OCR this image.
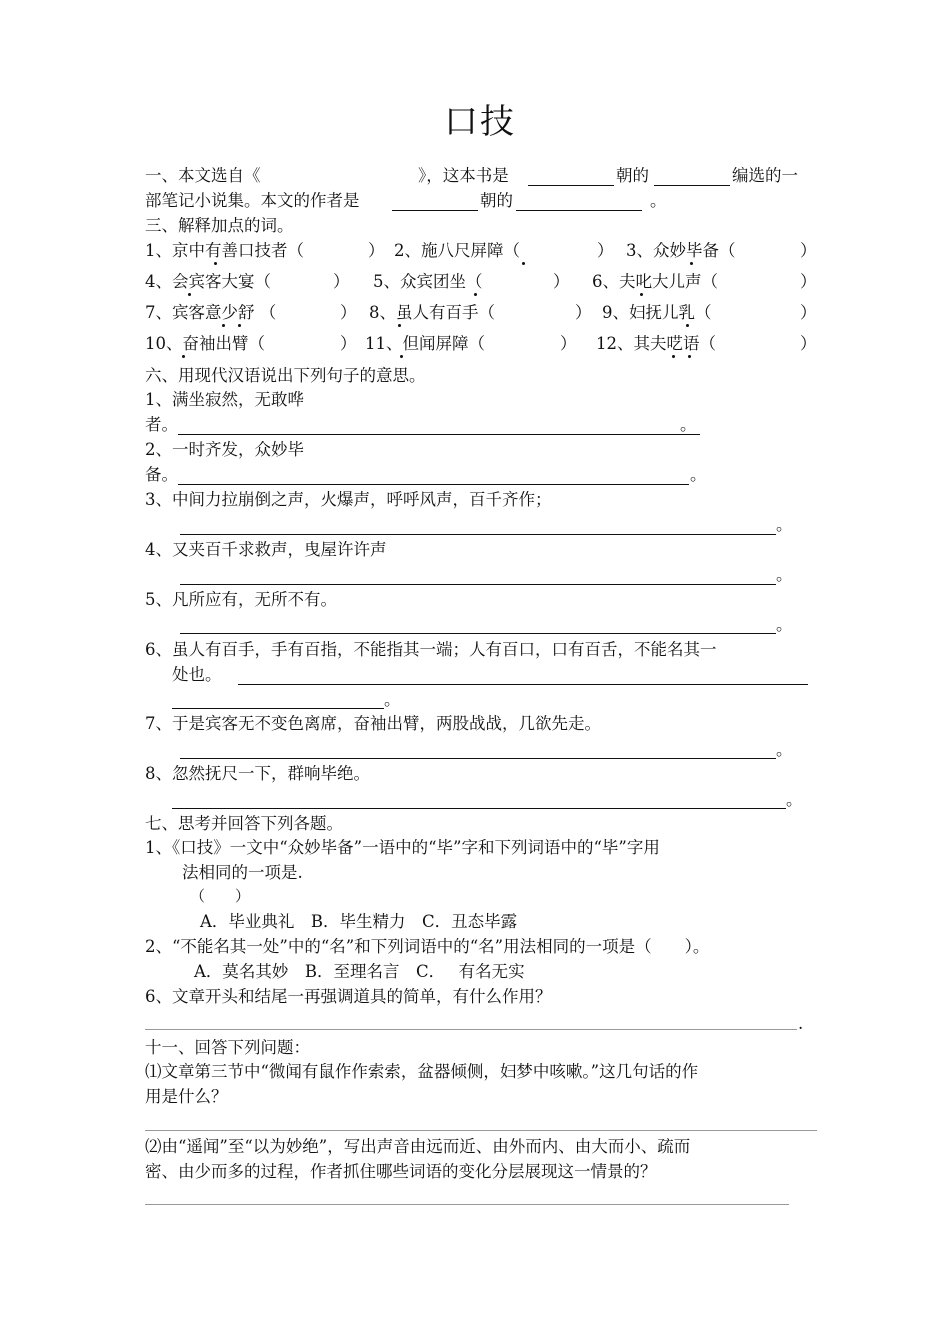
口技
一、本文选自《	》，这本书是	朝的	编选的一
部笔记小说集。本文的作者是	朝的	。
三、解释加点的词。
1、京中有善口技者（	） 2、施八尺屏障（	） 3、众妙毕备（	）
4、会宾客大宴（	） 5、众宾团坐（	） 6、夫叱大儿声（	）
7、宾客意少舒 （	） 8、虽人有百手（	） 9、妇抚儿乳（	）
10、奋袖出臂（	） 11、但闻屏障（	） 12、其夫呓语（	）
六、用现代汉语说出下列句子的意思。
1、满坐寂然，无敢哗
者。	。
2、一时齐发，众妙毕
备。	。
3、中间力拉崩倒之声，火爆声，呼呼风声，百千齐作；
。
4、又夹百千求救声，曳屋许许声
。
5、凡所应有，无所不有。
。
6、虽人有百手，手有百指，不能指其一端；人有百口，口有百舌，不能名其一
处也。
。
7、于是宾客无不变色离席，奋袖出臂，两股战战，几欲先走。
。
8、忽然抚尺一下，群响毕绝。
。
七、思考并回答下列各题。
1、《口技》一文中“众妙毕备”一语中的“毕”字和下列词语中的“毕”字用
法相同的一项是.
（　　）
A．毕业典礼　B．毕生精力　C．丑态毕露
2、“不能名其一处”中的“名”和下列词语中的“名”用法相同的一项是（　　）。
A．莫名其妙　B．至理名言　C．　 有名无实
6、文章开头和结尾一再强调道具的简单，有什么作用？
.
十一、回答下列问题：
⑴文章第三节中“微闻有鼠作作索索，盆器倾侧，妇梦中咳嗽。”这几句话的作
用是什么？
⑵由“遥闻”至“以为妙绝”，写出声音由远而近、由外而内、由大而小、疏而
密、由少而多的过程，作者抓住哪些词语的变化分层展现这一情景的？
